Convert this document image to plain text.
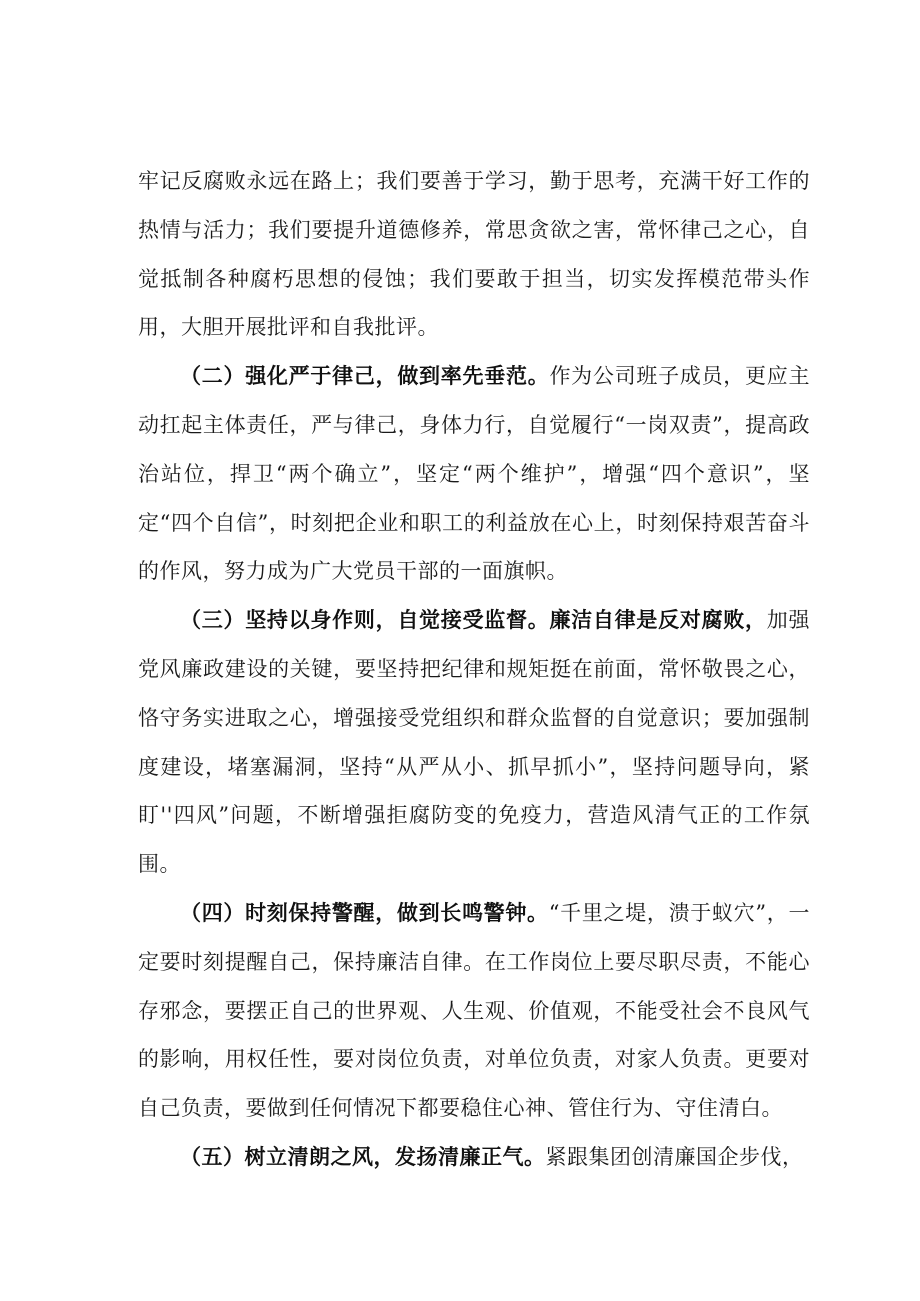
牢记反腐败永远在路上；我们要善于学习，勤于思考，充满干好工作的热情与活力；我们要提升道德修养，常思贪欲之害，常怀律己之心，自觉抵制各种腐朽思想的侵蚀；我们要敢于担当，切实发挥模范带头作用，大胆开展批评和自我批评。

（二）强化严于律己，做到率先垂范。作为公司班子成员，更应主动扛起主体责任，严与律己，身体力行，自觉履行“一岗双责”，提高政治站位，捍卫“两个确立”，坚定“两个维护”，增强“四个意识”，坚定“四个自信”，时刻把企业和职工的利益放在心上，时刻保持艰苦奋斗的作风，努力成为广大党员干部的一面旗帜。

（三）坚持以身作则，自觉接受监督。廉洁自律是反对腐败，加强党风廉政建设的关键，要坚持把纪律和规矩挺在前面，常怀敬畏之心，恪守务实进取之心，增强接受党组织和群众监督的自觉意识；要加强制度建设，堵塞漏洞，坚持“从严从小、抓早抓小”，坚持问题导向，紧盯''四风”问题，不断增强拒腐防变的免疫力，营造风清气正的工作氛围。

（四）时刻保持警醒，做到长鸣警钟。“千里之堤，溃于蚁穴”，一定要时刻提醒自己，保持廉洁自律。在工作岗位上要尽职尽责，不能心存邪念，要摆正自己的世界观、人生观、价值观，不能受社会不良风气的影响，用权任性，要对岗位负责，对单位负责，对家人负责。更要对自己负责，要做到任何情况下都要稳住心神、管住行为、守住清白。

（五）树立清朗之风，发扬清廉正气。紧跟集团创清廉国企步伐，
